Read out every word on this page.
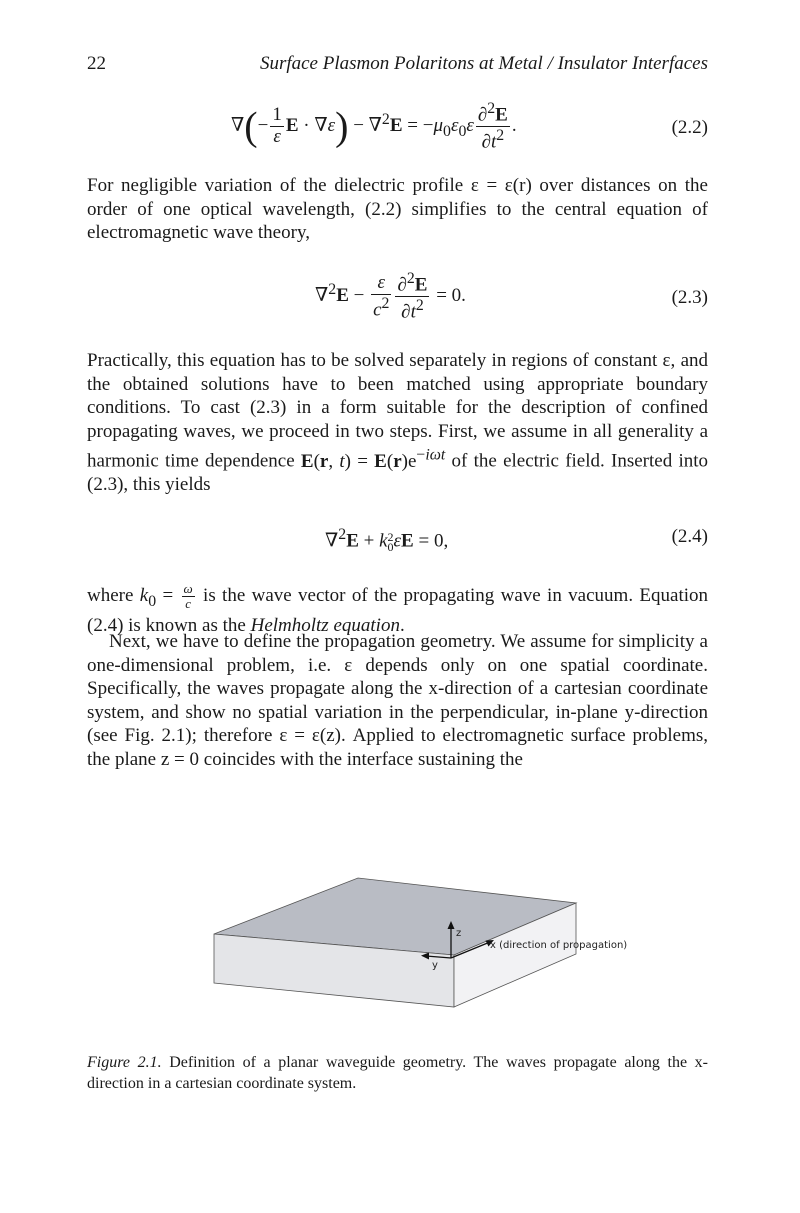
22	Surface Plasmon Polaritons at Metal / Insulator Interfaces
∇(− $\frac{1}{\varepsilon}$ $E \cdot \nabla\varepsilon) - \nabla^2E = -\mu_0\varepsilon_0\varepsilon \frac{\partial^2E}{\partial t^2}$ .	(2.2)

For negligible variation of the dielectric profile ε = ε(r) over distances on the order of one optical wavelength, (2.2) simplifies to the central equation of electromagnetic wave theory,

$\nabla^2E - \frac{\varepsilon}{c^2} \frac{\partial^2E}{\partial t^2} = 0$.	(2.3)

Practically, this equation has to be solved separately in regions of constant ε, and the obtained solutions have to been matched using appropriate boundary conditions. To cast (2.3) in a form suitable for the description of confined propagating waves, we proceed in two steps. First, we assume in all generality a harmonic time dependence E(r, $t) = E(r)e^{-i\omega t}$ of the electric field. Inserted into (2.3), this yields

∇$^2$E + k 2
0 εE = 0,	(2.4)

where $k_0 = \frac{\omega}{c}$ is the wave vector of the propagating wave in vacuum. Equation (2.4) is known as the Helmholtz equation.

Next, we have to define the propagation geometry. We assume for simplicity a one-dimensional problem, i.e. ε depends only on one spatial coordinate. Specifically, the waves propagate along the x-direction of a cartesian coordinate system, and show no spatial variation in the perpendicular, in-plane y-direction (see Fig. 2.1); therefore ε = ε(z). Applied to electromagnetic surface problems, the plane z = 0 coincides with the interface sustaining the

z
y
x (direction of propagation)

Figure 2.1. Definition of a planar waveguide geometry. The waves propagate along the x-direction in a cartesian coordinate system.
